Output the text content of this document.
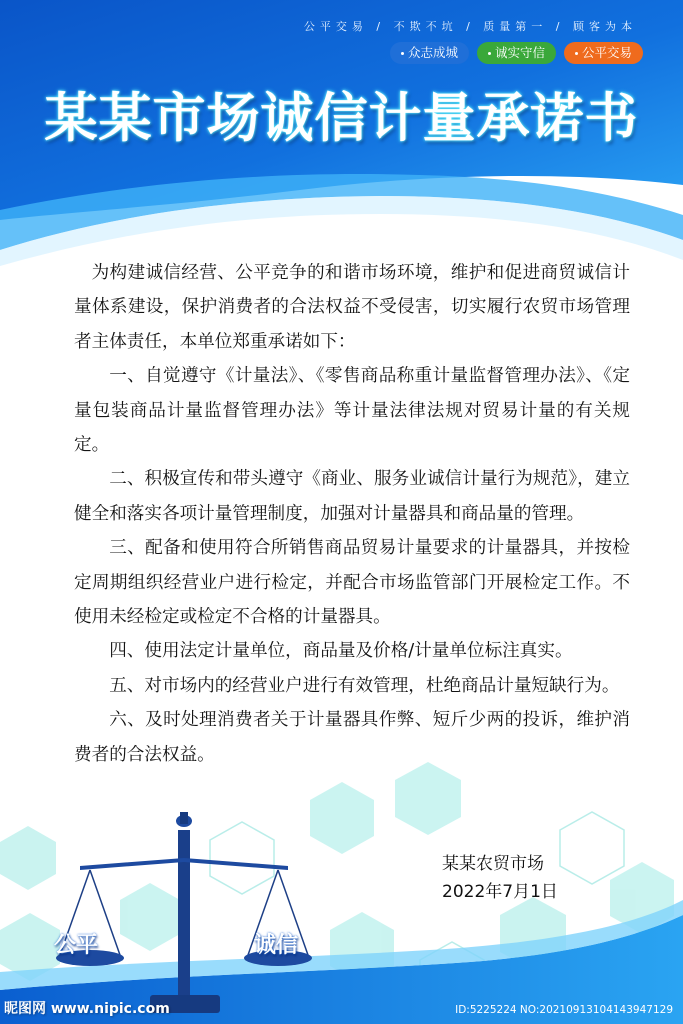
公平交易 / 不欺不坑 / 质量第一 / 顾客为本
众志成城	诚实守信	公平交易
某某市场诚信计量承诺书

为构建诚信经营、公平竞争的和谐市场环境，维护和促进商贸诚信计量体系建设，保护消费者的合法权益不受侵害，切实履行农贸市场管理者主体责任，本单位郑重承诺如下：

一、自觉遵守《计量法》、《零售商品称重计量监督管理办法》、《定量包装商品计量监督管理办法》等计量法律法规对贸易计量的有关规定。

二、积极宣传和带头遵守《商业、服务业诚信计量行为规范》，建立健全和落实各项计量管理制度，加强对计量器具和商品量的管理。

三、配备和使用符合所销售商品贸易计量要求的计量器具，并按检定周期组织经营业户进行检定，并配合市场监管部门开展检定工作。不使用未经检定或检定不合格的计量器具。

四、使用法定计量单位，商品量及价格/计量单位标注真实。

五、对市场内的经营业户进行有效管理，杜绝商品计量短缺行为。

六、及时处理消费者关于计量器具作弊、短斤少两的投诉，维护消费者的合法权益。

某某农贸市场
2022年7月1日
公平	诚信
昵图网 www.nipic.com	ID:5225224 NO:20210913104143947129
